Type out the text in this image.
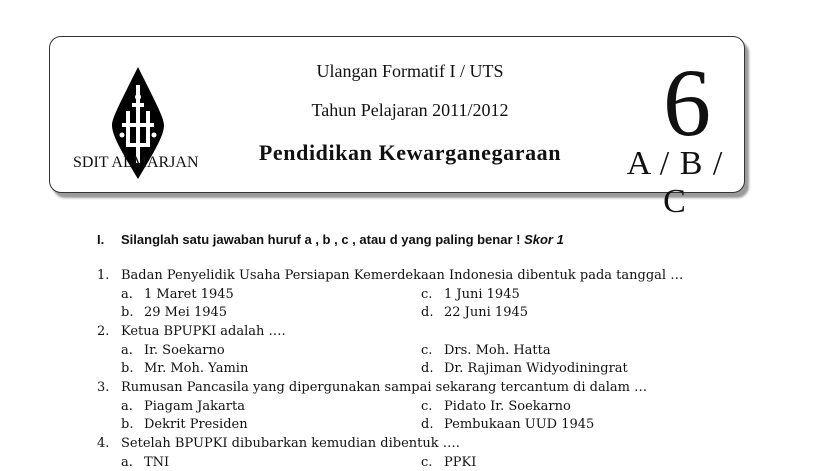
SDIT ALMARJAN
Ulangan Formatif I / UTS
Tahun Pelajaran 2011/2012
Pendidikan Kewarganegaraan	6
A / B / C
I. Silanglah satu jawaban huruf a , b , c , atau d yang paling benar ! Skor 1
1. Badan Penyelidik Usaha Persiapan Kemerdekaan Indonesia dibentuk pada tanggal …
a. 1 Maret 1945	c. 1 Juni 1945
b. 29 Mei 1945	d. 22 Juni 1945
2. Ketua BPUPKI adalah ….
a. Ir. Soekarno	c. Drs. Moh. Hatta
b. Mr. Moh. Yamin	d. Dr. Rajiman Widyodiningrat
3. Rumusan Pancasila yang dipergunakan sampai sekarang tercantum di dalam …
a. Piagam Jakarta	c. Pidato Ir. Soekarno
b. Dekrit Presiden	d. Pembukaan UUD 1945
4. Setelah BPUPKI dibubarkan kemudian dibentuk ….
a. TNI	c. PPKI
